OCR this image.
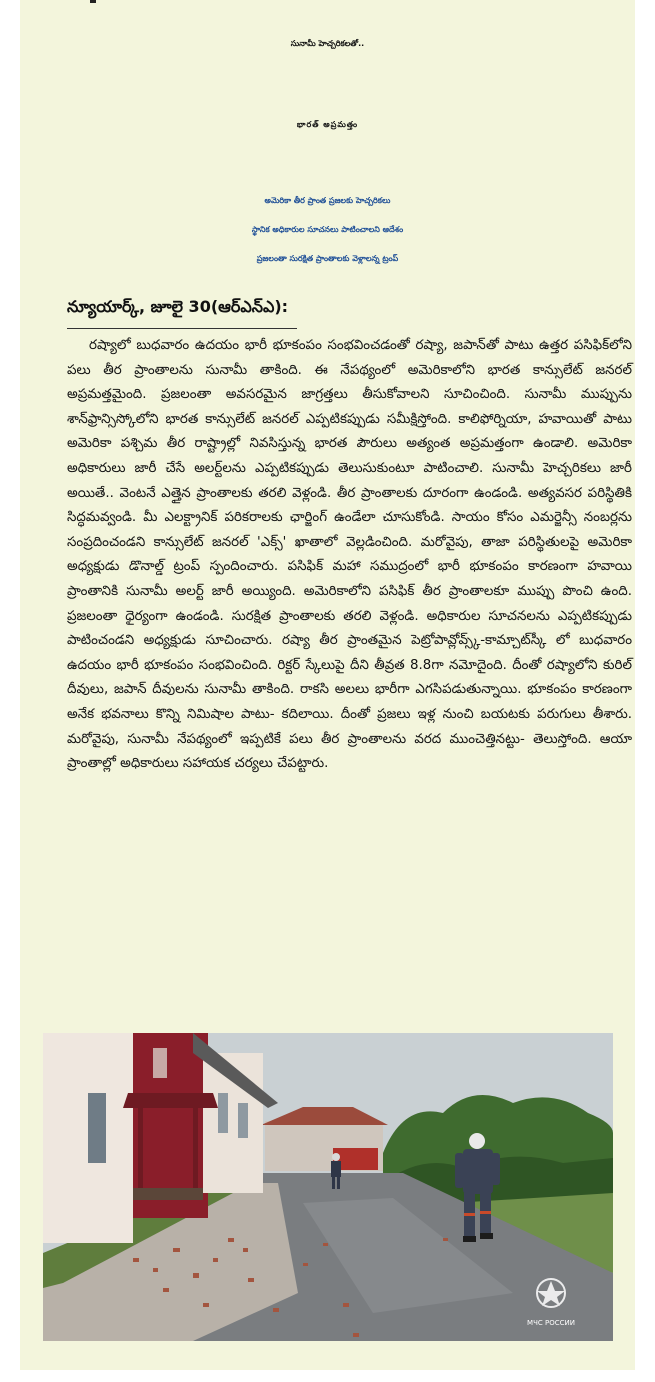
సునామీ హెచ్చరికలతో..
భారత్ అప్రమత్తం
అమెరికా తీర ప్రాంత ప్రజలకు హెచ్చరికలు
స్థానిక అధికారుల సూచనలు పాటించాలని ఆదేశం
ప్రజలంతా సురక్షిత ప్రాంతాలకు వెళ్లాలన్న ట్రంప్
న్యూయార్క్, జూలై 30(ఆర్ఎన్ఎ):

రష్యాలో బుధవారం ఉదయం భారీ భూకంపం సంభవించడంతో రష్యా, జపాన్‌తో పాటు ఉత్తర పసిఫిక్‌లోని పలు తీర ప్రాంతాలను సునామీ తాకింది. ఈ నేపథ్యంలో అమెరికాలోని భారత కాన్సులేట్ జనరల్ అప్రమత్తమైంది. ప్రజలంతా అవసరమైన జాగ్రత్తలు తీసుకోవాలని సూచించింది. సునామీ ముప్పును శాన్‌ఫ్రాన్సిస్కోలోని భారత కాన్సులేట్ జనరల్ ఎప్పటికప్పుడు సమీక్షిస్తోంది. కాలిఫోర్నియా, హవాయితో పాటు అమెరికా పశ్చిమ తీర రాష్ట్రాల్లో నివసిస్తున్న భారత పౌరులు అత్యంత అప్రమత్తంగా ఉండాలి. అమెరికా అధికారులు జారీ చేసే అలర్ట్‌లను ఎప్పటికప్పుడు తెలుసుకుంటూ పాటించాలి. సునామీ హెచ్చరికలు జారీ అయితే.. వెంటనే ఎత్తైన ప్రాంతాలకు తరలి వెళ్లండి. తీర ప్రాంతాలకు దూరంగా ఉండండి. అత్యవసర పరిస్థితికి సిద్ధమవ్వండి. మీ ఎలక్ట్రానిక్ పరికరాలకు ఛార్జింగ్ ఉండేలా చూసుకోండి. సాయం కోసం ఎమర్జెన్సీ నంబర్లను సంప్రదించండని కాన్సులేట్ జనరల్ 'ఎక్స్' ఖాతాలో వెల్లడించింది. మరోవైపు, తాజా పరిస్థితులపై అమెరికా అధ్యక్షుడు డొనాల్డ్ ట్రంప్ స్పందించారు. పసిఫిక్ మహా సముద్రంలో భారీ భూకంపం కారణంగా హవాయి ప్రాంతానికి సునామీ అలర్ట్ జారీ అయ్యింది. అమెరికాలోని పసిఫిక్ తీర ప్రాంతాలకూ ముప్పు పొంచి ఉంది. ప్రజలంతా ధైర్యంగా ఉండండి. సురక్షిత ప్రాంతాలకు తరలి వెళ్లండి. అధికారుల సూచనలను ఎప్పటికప్పుడు పాటించండని అధ్యక్షుడు సూచించారు. రష్యా తీర ప్రాంతమైన పెట్రోపావ్లోవ్స్క్-కామ్చాట్‌స్కీ లో బుధవారం ఉదయం భారీ భూకంపం సంభవించింది. రిక్టర్ స్కేలుపై దీని తీవ్రత 8.8గా నమోదైంది. దీంతో రష్యాలోని కురిల్ దీవులు, జపాన్ దీవులను సునామీ తాకింది. రాకసి అలలు భారీగా ఎగసిపడుతున్నాయి. భూకంపం కారణంగా అనేక భవనాలు కొన్ని నిమిషాల పాటు- కదిలాయి. దీంతో ప్రజలు ఇళ్ల నుంచి బయటకు పరుగులు తీశారు. మరోవైపు, సునామీ నేపథ్యంలో ఇప్పటికే పలు తీర ప్రాంతాలను వరద ముంచెత్తినట్టు- తెలుస్తోంది. ఆయా ప్రాంతాల్లో అధికారులు సహాయక చర్యలు చేపట్టారు.

МЧС РОССИИ
